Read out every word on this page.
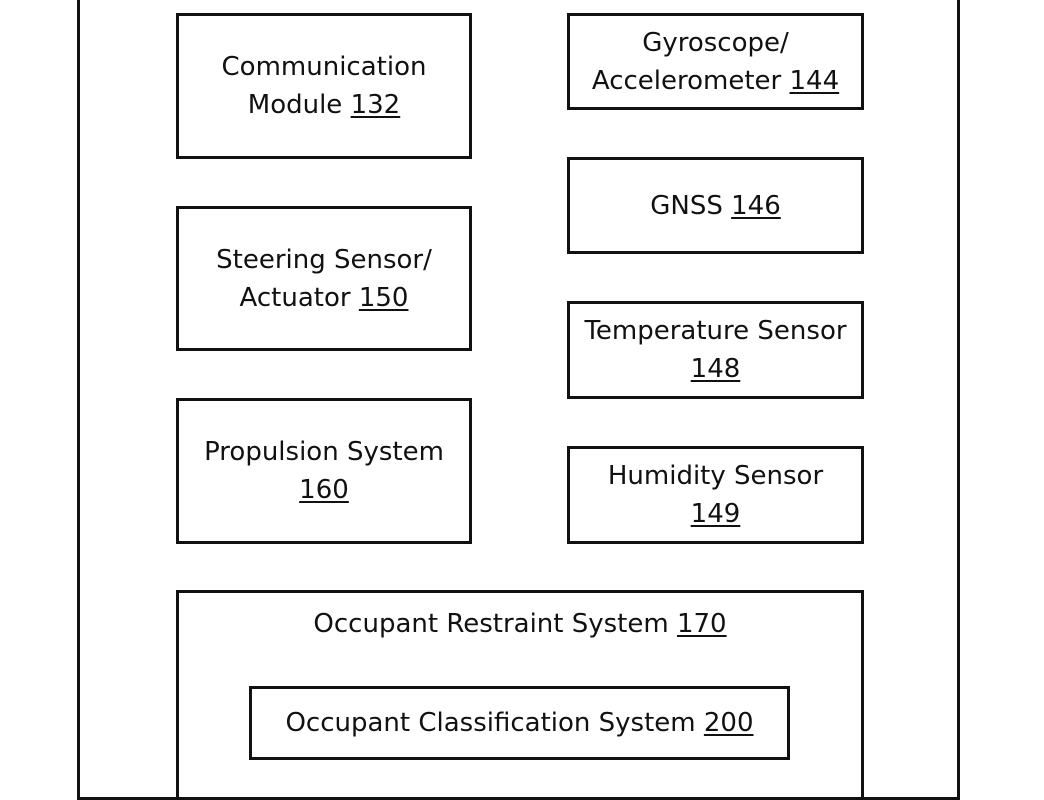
Communication
Module 132
Gyroscope/
Accelerometer 144
GNSS 146
Steering Sensor/
Actuator 150
Temperature Sensor
148
Propulsion System
160	Humidity Sensor
149
Occupant Restraint System 170
Occupant Classification System 200
